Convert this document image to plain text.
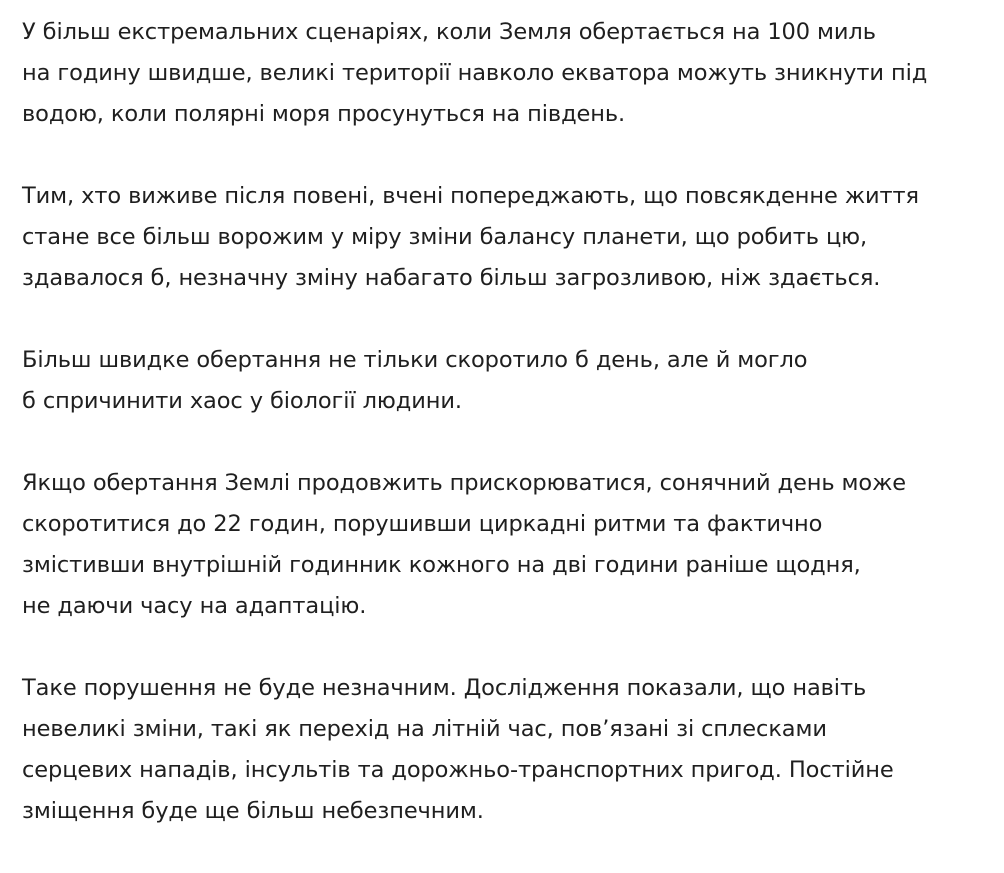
У більш екстремальних сценаріях, коли Земля обертається на 100 миль
на годину швидше, великі території навколо екватора можуть зникнути під
водою, коли полярні моря просунуться на південь.

Тим, хто виживе після повені, вчені попереджають, що повсякденне життя
стане все більш ворожим у міру зміни балансу планети, що робить цю,
здавалося б, незначну зміну набагато більш загрозливою, ніж здається.

Більш швидке обертання не тільки скоротило б день, але й могло
б спричинити хаос у біології людини.

Якщо обертання Землі продовжить прискорюватися, сонячний день може
скоротитися до 22 годин, порушивши циркадні ритми та фактично
змістивши внутрішній годинник кожного на дві години раніше щодня,
не даючи часу на адаптацію.

Таке порушення не буде незначним. Дослідження показали, що навіть
невеликі зміни, такі як перехід на літній час, пов’язані зі сплесками
серцевих нападів, інсультів та дорожньо-транспортних пригод. Постійне
зміщення буде ще більш небезпечним.
